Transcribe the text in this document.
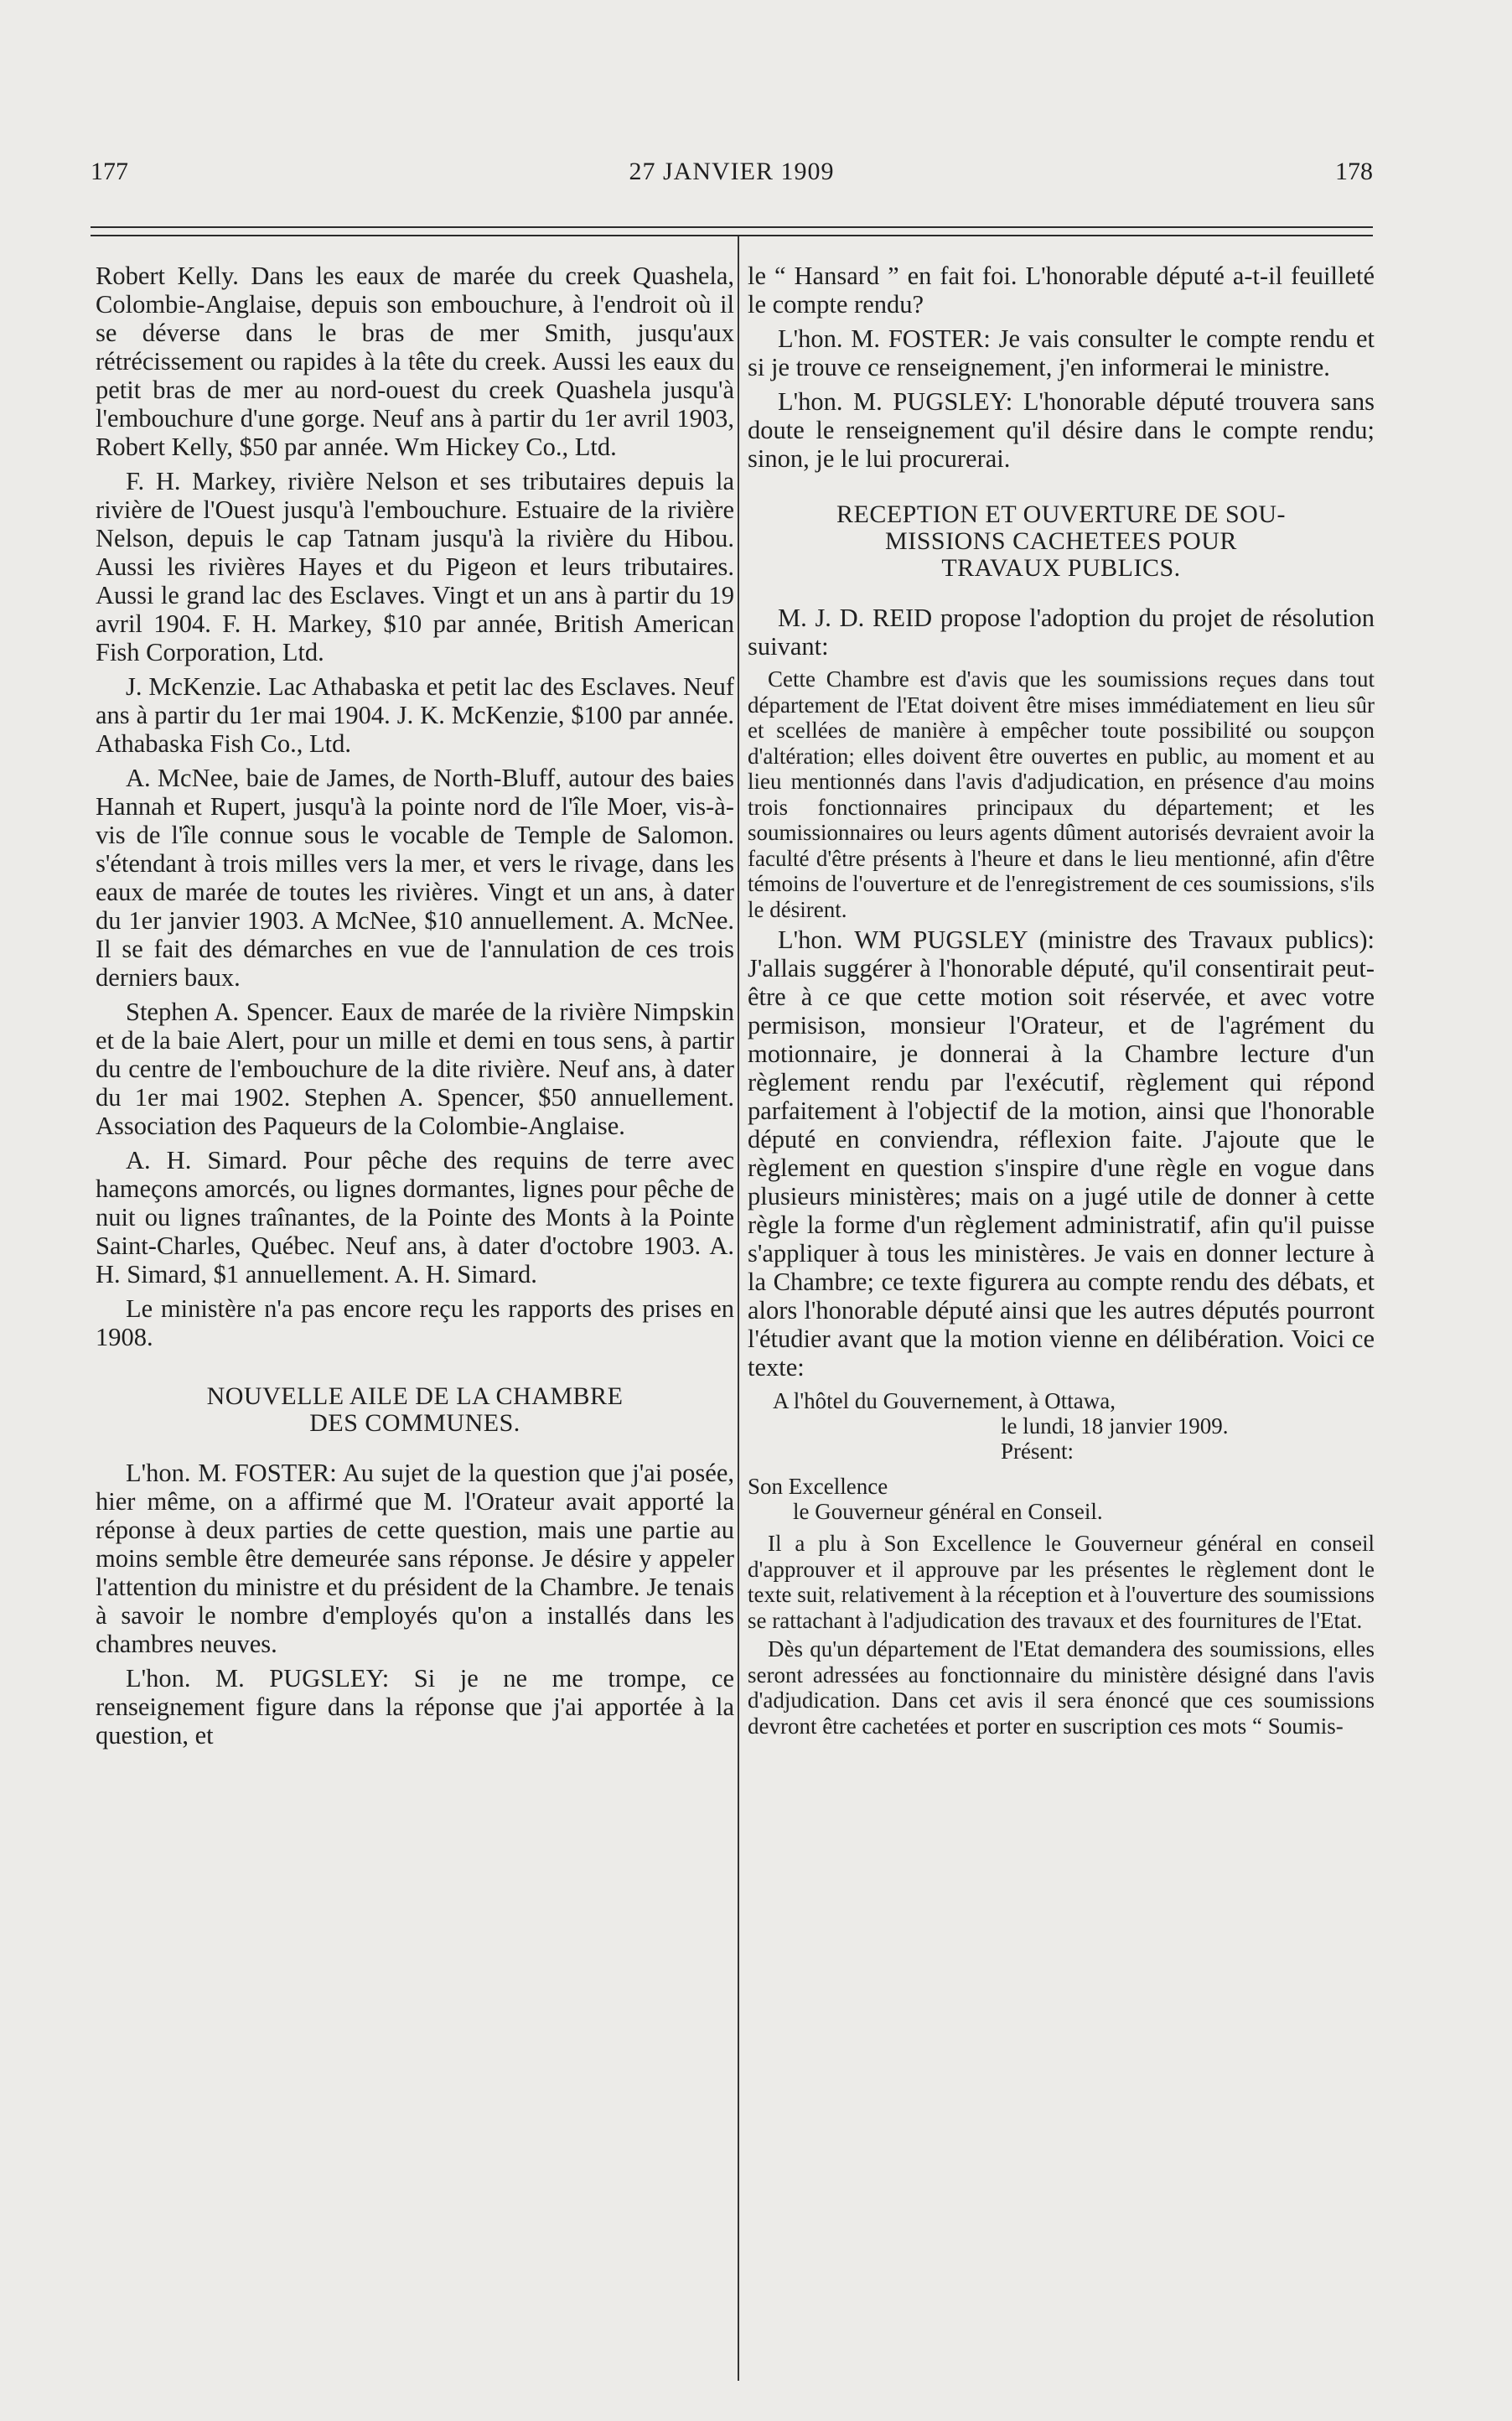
177	27 JANVIER 1909	178

Robert Kelly. Dans les eaux de marée du creek Quashela, Colombie-Anglaise, depuis son embouchure, à l'endroit où il se déverse dans le bras de mer Smith, jusqu'aux rétrécissement ou rapides à la tête du creek. Aussi les eaux du petit bras de mer au nord-ouest du creek Quashela jusqu'à l'embouchure d'une gorge. Neuf ans à partir du 1er avril 1903, Robert Kelly, $50 par année. Wm Hickey Co., Ltd.

F. H. Markey, rivière Nelson et ses tributaires depuis la rivière de l'Ouest jusqu'à l'embouchure. Estuaire de la rivière Nelson, depuis le cap Tatnam jusqu'à la rivière du Hibou. Aussi les rivières Hayes et du Pigeon et leurs tributaires. Aussi le grand lac des Esclaves. Vingt et un ans à partir du 19 avril 1904. F. H. Markey, $10 par année, British American Fish Corporation, Ltd.

J. McKenzie. Lac Athabaska et petit lac des Esclaves. Neuf ans à partir du 1er mai 1904. J. K. McKenzie, $100 par année. Athabaska Fish Co., Ltd.

A. McNee, baie de James, de North-Bluff, autour des baies Hannah et Rupert, jusqu'à la pointe nord de l'île Moer, vis-à-vis de l'île connue sous le vocable de Temple de Salomon. s'étendant à trois milles vers la mer, et vers le rivage, dans les eaux de marée de toutes les rivières. Vingt et un ans, à dater du 1er janvier 1903. A McNee, $10 annuellement. A. McNee. Il se fait des démarches en vue de l'annulation de ces trois derniers baux.

Stephen A. Spencer. Eaux de marée de la rivière Nimpskin et de la baie Alert, pour un mille et demi en tous sens, à partir du centre de l'embouchure de la dite rivière. Neuf ans, à dater du 1er mai 1902. Stephen A. Spencer, $50 annuellement. Association des Paqueurs de la Colombie-Anglaise.

A. H. Simard. Pour pêche des requins de terre avec hameçons amorcés, ou lignes dormantes, lignes pour pêche de nuit ou lignes traînantes, de la Pointe des Monts à la Pointe Saint-Charles, Québec. Neuf ans, à dater d'octobre 1903. A. H. Simard, $1 annuellement. A. H. Simard.

Le ministère n'a pas encore reçu les rapports des prises en 1908.

NOUVELLE AILE DE LA CHAMBRE
DES COMMUNES.

L'hon. M. FOSTER: Au sujet de la question que j'ai posée, hier même, on a affirmé que M. l'Orateur avait apporté la réponse à deux parties de cette question, mais une partie au moins semble être demeurée sans réponse. Je désire y appeler l'attention du ministre et du président de la Chambre. Je tenais à savoir le nombre d'employés qu'on a installés dans les chambres neuves.

L'hon. M. PUGSLEY: Si je ne me trompe, ce renseignement figure dans la réponse que j'ai apportée à la question, et

le “ Hansard ” en fait foi. L'honorable député a-t-il feuilleté le compte rendu?

L'hon. M. FOSTER: Je vais consulter le compte rendu et si je trouve ce renseignement, j'en informerai le ministre.

L'hon. M. PUGSLEY: L'honorable député trouvera sans doute le renseignement qu'il désire dans le compte rendu; sinon, je le lui procurerai.

RECEPTION ET OUVERTURE DE SOU-
MISSIONS CACHETEES POUR
TRAVAUX PUBLICS.

M. J. D. REID propose l'adoption du projet de résolution suivant:

Cette Chambre est d'avis que les soumissions reçues dans tout département de l'Etat doivent être mises immédiatement en lieu sûr et scellées de manière à empêcher toute possibilité ou soupçon d'altération; elles doivent être ouvertes en public, au moment et au lieu mentionnés dans l'avis d'adjudication, en présence d'au moins trois fonctionnaires principaux du département; et les soumissionnaires ou leurs agents dûment autorisés devraient avoir la faculté d'être présents à l'heure et dans le lieu mentionné, afin d'être témoins de l'ouverture et de l'enregistrement de ces soumissions, s'ils le désirent.

L'hon. WM PUGSLEY (ministre des Travaux publics): J'allais suggérer à l'honorable député, qu'il consentirait peut-être à ce que cette motion soit réservée, et avec votre permisison, monsieur l'Orateur, et de l'agrément du motionnaire, je donnerai à la Chambre lecture d'un règlement rendu par l'exécutif, règlement qui répond parfaitement à l'objectif de la motion, ainsi que l'honorable député en conviendra, réflexion faite. J'ajoute que le règlement en question s'inspire d'une règle en vogue dans plusieurs ministères; mais on a jugé utile de donner à cette règle la forme d'un règlement administratif, afin qu'il puisse s'appliquer à tous les ministères. Je vais en donner lecture à la Chambre; ce texte figurera au compte rendu des débats, et alors l'honorable député ainsi que les autres députés pourront l'étudier avant que la motion vienne en délibération. Voici ce texte:

A l'hôtel du Gouvernement, à Ottawa,
le lundi, 18 janvier 1909.
Présent:
Son Excellence
le Gouverneur général en Conseil.

Il a plu à Son Excellence le Gouverneur général en conseil d'approuver et il approuve par les présentes le règlement dont le texte suit, relativement à la réception et à l'ouverture des soumissions se rattachant à l'adjudication des travaux et des fournitures de l'Etat.

Dès qu'un département de l'Etat demandera des soumissions, elles seront adressées au fonctionnaire du ministère désigné dans l'avis d'adjudication. Dans cet avis il sera énoncé que ces soumissions devront être cachetées et porter en suscription ces mots “ Soumis-
